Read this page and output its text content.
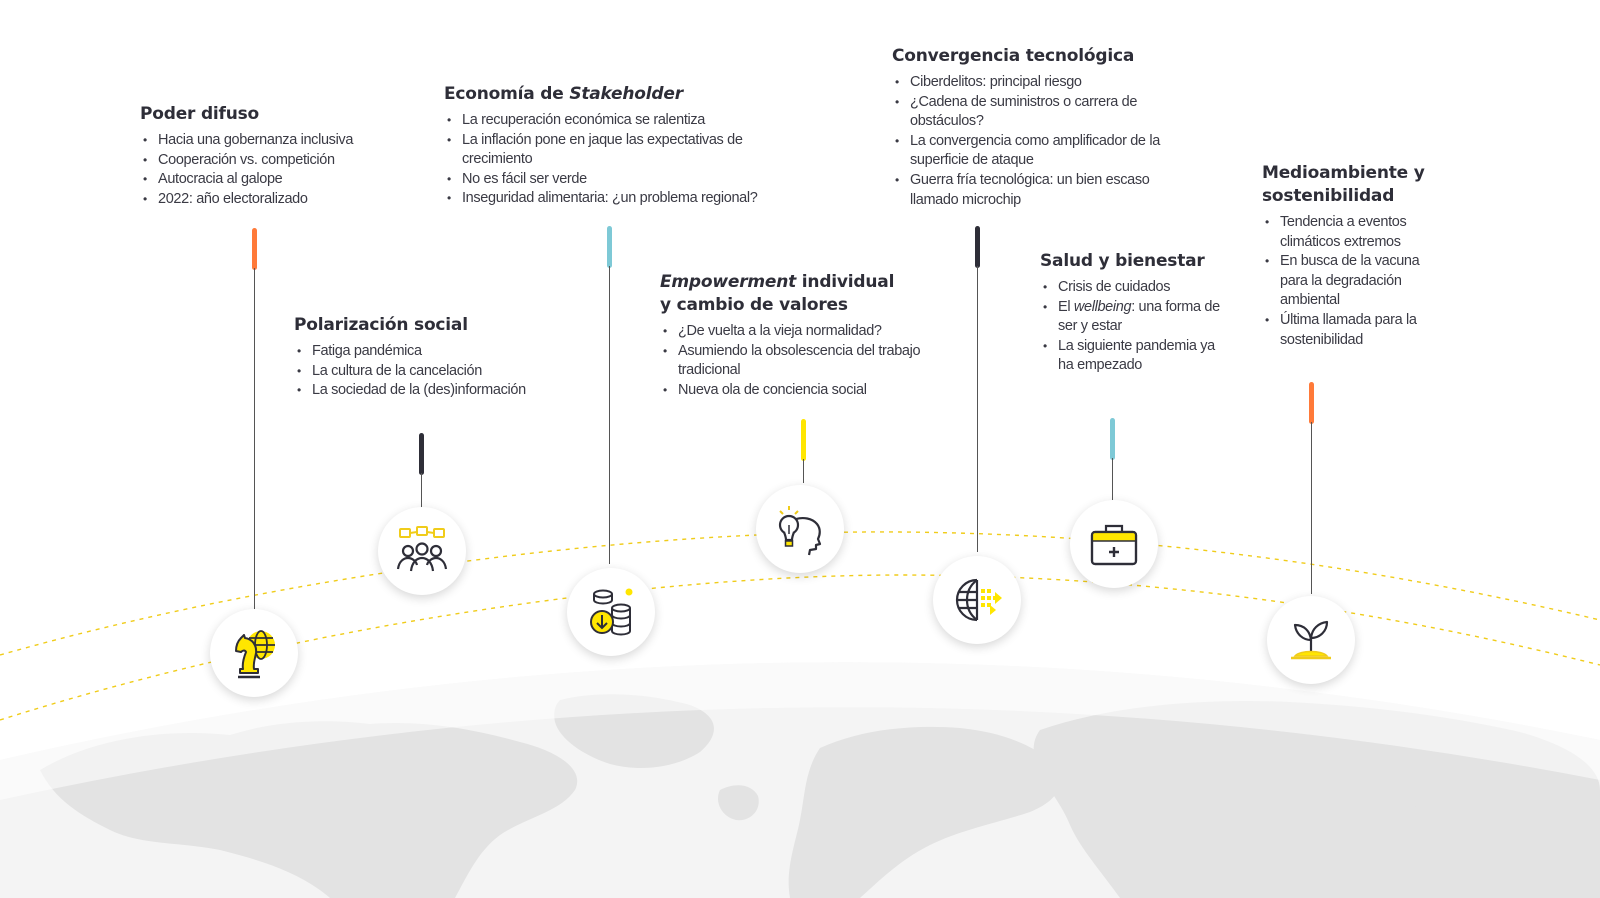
Poder difuso
• Hacia una gobernanza inclusiva
• Cooperación vs. competición
• Autocracia al galope
• 2022: año electoralizado
Polarización social
• Fatiga pandémica
• La cultura de la cancelación
• La sociedad de la (des)información
Economía de Stakeholder
• La recuperación económica se ralentiza
• La inflación pone en jaque las expectativas de crecimiento
• No es fácil ser verde
• Inseguridad alimentaria: ¿un problema regional?
Empowerment individual y cambio de valores
• ¿De vuelta a la vieja normalidad?
• Asumiendo la obsolescencia del trabajo tradicional
• Nueva ola de conciencia social
Convergencia tecnológica
• Ciberdelitos: principal riesgo
• ¿Cadena de suministros o carrera de obstáculos?
• La convergencia como amplificador de la superficie de ataque
• Guerra fría tecnológica: un bien escaso llamado microchip
Salud y bienestar
• Crisis de cuidados
• El wellbeing: una forma de ser y estar
• La siguiente pandemia ya ha empezado
Medioambiente y sostenibilidad
• Tendencia a eventos climáticos extremos
• En busca de la vacuna para la degradación ambiental
• Última llamada para la sostenibilidad
